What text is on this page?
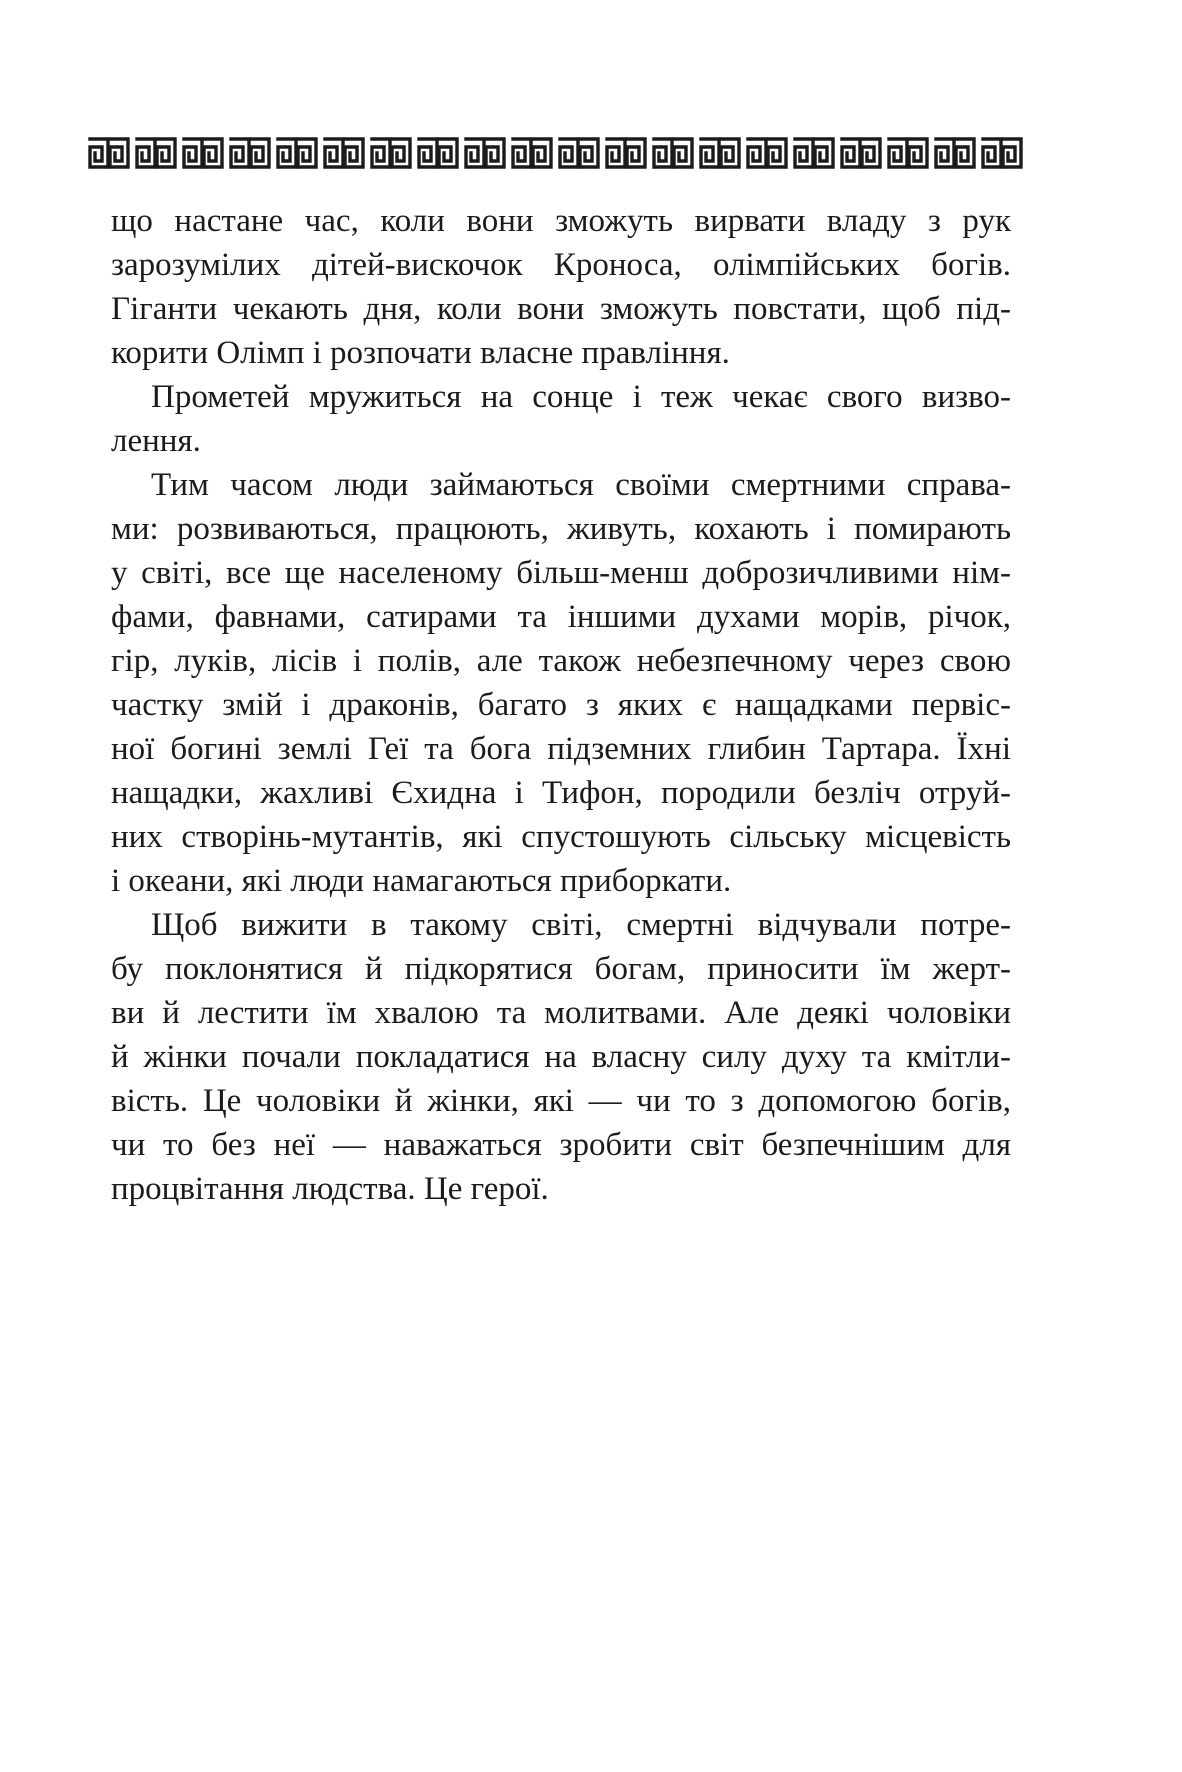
що настане час, коли вони зможуть вирвати владу з рук
зарозумілих дітей-вискочок Кроноса, олімпійських богів.
Гіганти чекають дня, коли вони зможуть повстати, щоб під-
корити Олімп і розпочати власне правління.

Прометей мружиться на сонце і теж чекає свого визво-
лення.

Тим часом люди займаються своїми смертними справа-
ми: розвиваються, працюють, живуть, кохають і помирають
у світі, все ще населеному більш-менш доброзичливими нім-
фами, фавнами, сатирами та іншими духами морів, річок,
гір, луків, лісів і полів, але також небезпечному через свою
частку змій і драконів, багато з яких є нащадками первіс-
ної богині землі Геї та бога підземних глибин Тартара. Їхні
нащадки, жахливі Єхидна і Тифон, породили безліч отруй-
них створінь-мутантів, які спустошують сільську місцевість
і океани, які люди намагаються приборкати.

Щоб вижити в такому світі, смертні відчували потре-
бу поклонятися й підкорятися богам, приносити їм жерт-
ви й лестити їм хвалою та молитвами. Але деякі чоловіки
й жінки почали покладатися на власну силу духу та кмітли-
вість. Це чоловіки й жінки, які — чи то з допомогою богів,
чи то без неї — наважаться зробити світ безпечнішим для
процвітання людства. Це герої.
